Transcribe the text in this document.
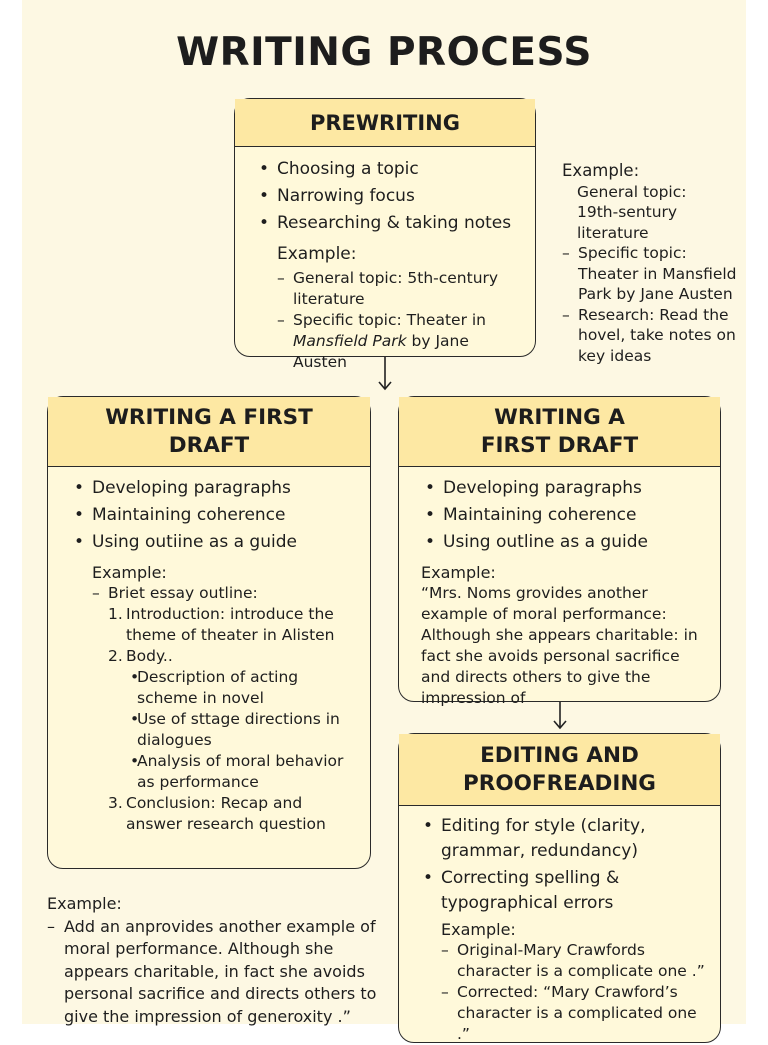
WRITING PROCESS
PREWRITING
• Choosing a topic
• Narrowing focus
• Researching & taking notes
Example:
– General topic: 5th-century literature
– Specific topic: Theater in Mansfield Park by Jane Austen
Example:
General topic:
19th-sentury literature
– Specific topic: Theater in Mansfield Park by Jane Austen
– Research: Read the hovel, take notes on key ideas
WRITING A FIRST
DRAFT
• Developing paragraphs
• Maintaining coherence
• Using outiine as a guide
Example:
– Briet essay outline:
1. Introduction: introduce the theme of theater in Alisten
2. Body..
• Description of acting scheme in novel
• Use of sttage directions in dialogues
• Analysis of moral behavior as performance
3. Conclusion: Recap and answer research question
WRITING A
FIRST DRAFT
• Developing paragraphs
• Maintaining coherence
• Using outline as a guide
Example:
“Mrs. Noms grovides another example of moral performance: Although she appears charitable: in fact she avoids personal sacrifice and directs others to give the impression of
EDITING AND
PROOFREADING
• Editing for style (clarity, grammar, redundancy)
• Correcting spelling & typographical errors
Example:
– Original-Mary Crawfords character is a complicate one .”
– Corrected: “Mary Crawford’s character is a complicated one .”
Example:
– Add an anprovides another example of moral performance. Although she appears charitable, in fact she avoids personal sacrifice and directs others to give the impression of generoxity .”
